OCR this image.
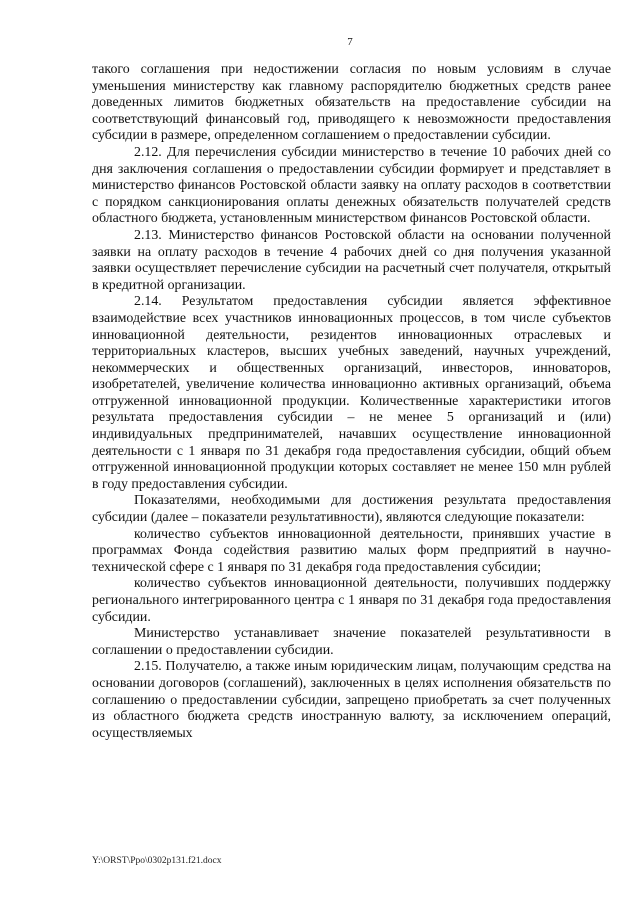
7

такого соглашения при недостижении согласия по новым условиям в случае уменьшения министерству как главному распорядителю бюджетных средств ранее доведенных лимитов бюджетных обязательств на предоставление субсидии на соответствующий финансовый год, приводящего к невозможности предоставления субсидии в размере, определенном соглашением о предоставлении субсидии.

2.12. Для перечисления субсидии министерство в течение 10 рабочих дней со дня заключения соглашения о предоставлении субсидии формирует и представляет в министерство финансов Ростовской области заявку на оплату расходов в соответствии с порядком санкционирования оплаты денежных обязательств получателей средств областного бюджета, установленным министерством финансов Ростовской области.

2.13. Министерство финансов Ростовской области на основании полученной заявки на оплату расходов в течение 4 рабочих дней со дня получения указанной заявки осуществляет перечисление субсидии на расчетный счет получателя, открытый в кредитной организации.

2.14. Результатом предоставления субсидии является эффективное взаимодействие всех участников инновационных процессов, в том числе субъектов инновационной деятельности, резидентов инновационных отраслевых и территориальных кластеров, высших учебных заведений, научных учреждений, некоммерческих и общественных организаций, инвесторов, инноваторов, изобретателей, увеличение количества инновационно активных организаций, объема отгруженной инновационной продукции. Количественные характеристики итогов результата предоставления субсидии – не менее 5 организаций и (или) индивидуальных предпринимателей, начавших осуществление инновационной деятельности с 1 января по 31 декабря года предоставления субсидии, общий объем отгруженной инновационной продукции которых составляет не менее 150 млн рублей в году предоставления субсидии.

Показателями, необходимыми для достижения результата предоставления субсидии (далее – показатели результативности), являются следующие показатели:

количество субъектов инновационной деятельности, принявших участие в программах Фонда содействия развитию малых форм предприятий в научно-технической сфере с 1 января по 31 декабря года предоставления субсидии;

количество субъектов инновационной деятельности, получивших поддержку регионального интегрированного центра с 1 января по 31 декабря года предоставления субсидии.

Министерство устанавливает значение показателей результативности в соглашении о предоставлении субсидии.

2.15. Получателю, а также иным юридическим лицам, получающим средства на основании договоров (соглашений), заключенных в целях исполнения обязательств по соглашению о предоставлении субсидии, запрещено приобретать за счет полученных из областного бюджета средств иностранную валюту, за исключением операций, осуществляемых

Y:\ORST\Ppo\0302p131.f21.docx
